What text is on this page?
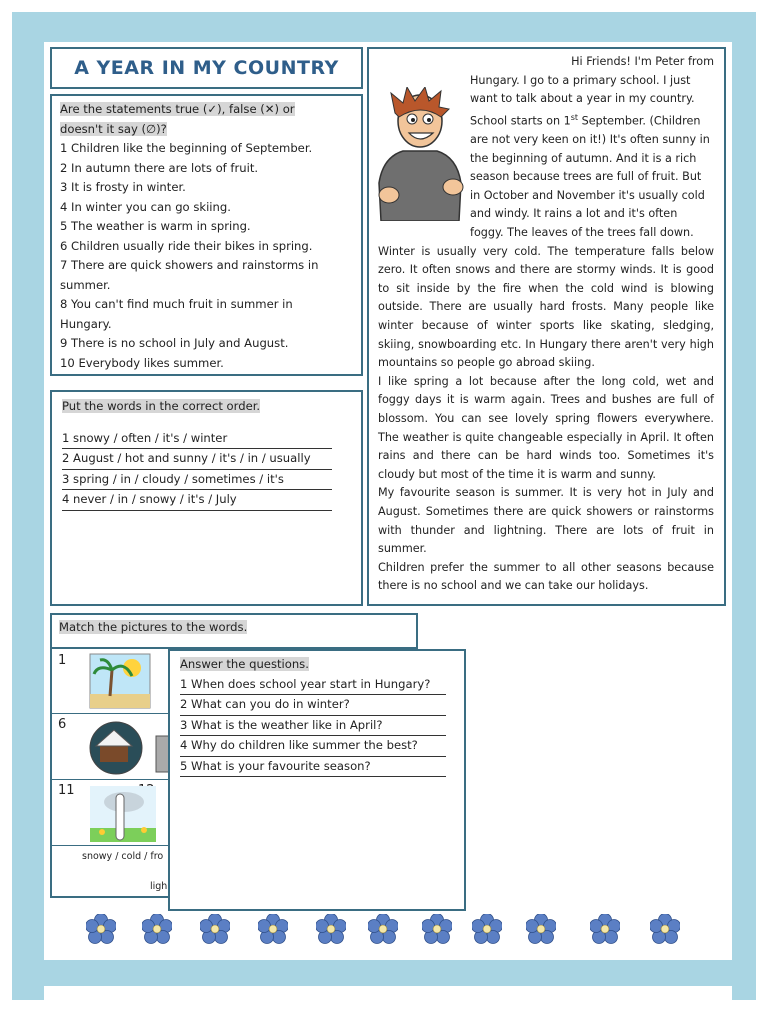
A YEAR IN MY COUNTRY
Are the statements true (✓), false (✕) or
doesn't it say (∅)?
1 Children like the beginning of September.
2 In autumn there are lots of fruit.
3 It is frosty in winter.
4 In winter you can go skiing.
5 The weather is warm in spring.
6 Children usually ride their bikes in spring.
7 There are quick showers and rainstorms in
summer.
8 You can't find much fruit in summer in
Hungary.
9 There is no school in July and August.
10 Everybody likes summer.
Put the words in the correct order.
1 snowy / often / it's / winter
2 August / hot and sunny / it's / in / usually
3 spring / in / cloudy / sometimes / it's
4 never / in / snowy / it's / July

Hi Friends! I'm Peter from

Hungary. I go to a primary school. I just

want to talk about a year in my country.

School starts on 1st September. (Children

are not very keen on it!) It's often sunny in

the beginning of autumn. And it is a rich

season because trees are full of fruit. But

in October and November it's usually cold

and windy. It rains a lot and it's often

foggy. The leaves of the trees fall down.

Winter is usually very cold. The temperature falls below zero. It often snows and there are stormy winds. It is good to sit inside by the fire when the cold wind is blowing outside. There are usually hard frosts. Many people like winter because of winter sports like skating, sledging, skiing, snowboarding etc. In Hungary there aren't very high mountains so people go abroad skiing.

I like spring a lot because after the long cold, wet and foggy days it is warm again. Trees and bushes are full of blossom. You can see lovely spring flowers everywhere. The weather is quite changeable especially in April. It often rains and there can be hard winds too. Sometimes it's cloudy but most of the time it is warm and sunny.

My favourite season is summer. It is very hot in July and August. Sometimes there are quick showers or rainstorms with thunder and lightning. There are lots of fruit in summer.

Children prefer the summer to all other seasons because there is no school and we can take our holidays.

Match the pictures to the words.
1
6
11
snowy / cold / fro
ligh
Answer the questions.
1 When does school year start in Hungary?
2 What can you do in winter?
3 What is the weather like in April?
4 Why do children like summer the best?
5 What is your favourite season?
